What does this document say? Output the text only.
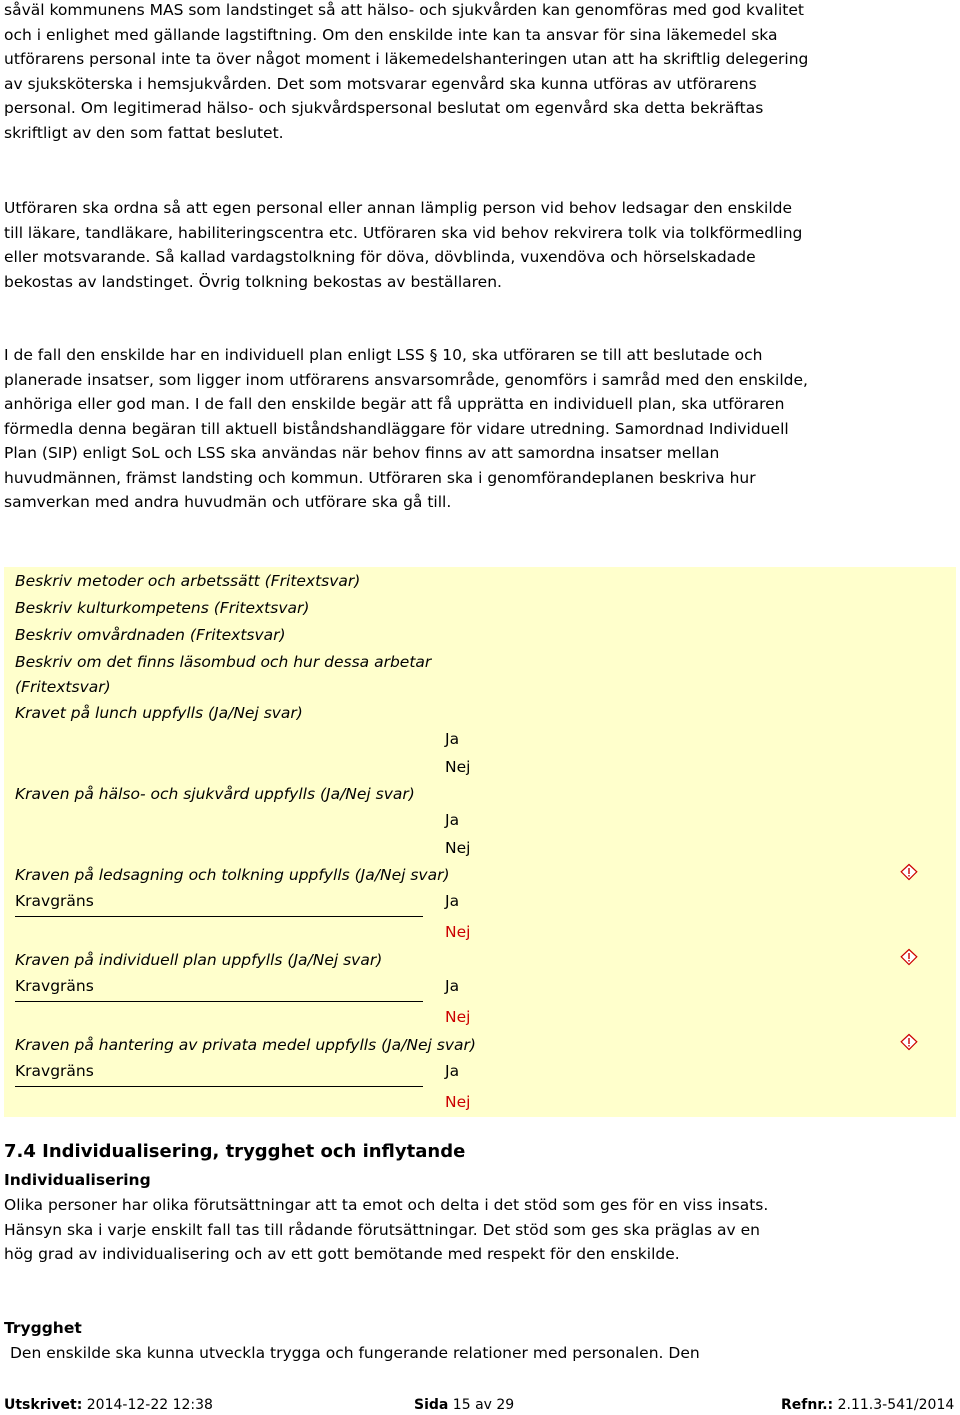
såväl kommunens MAS som landstinget så att hälso- och sjukvården kan genomföras med god kvalitet och i enlighet med gällande lagstiftning. Om den enskilde inte kan ta ansvar för sina läkemedel ska utförarens personal inte ta över något moment i läkemedelshanteringen utan att ha skriftlig delegering av sjuksköterska i hemsjukvården. Det som motsvarar egenvård ska kunna utföras av utförarens personal. Om legitimerad hälso- och sjukvårdspersonal beslutat om egenvård ska detta bekräftas skriftligt av den som fattat beslutet.

Utföraren ska ordna så att egen personal eller annan lämplig person vid behov ledsagar den enskilde till läkare, tandläkare, habiliteringscentra etc. Utföraren ska vid behov rekvirera tolk via tolkförmedling eller motsvarande. Så kallad vardagstolkning för döva, dövblinda, vuxendöva och hörselskadade bekostas av landstinget. Övrig tolkning bekostas av beställaren.

I de fall den enskilde har en individuell plan enligt LSS § 10, ska utföraren se till att beslutade och planerade insatser, som ligger inom utförarens ansvarsområde, genomförs i samråd med den enskilde, anhöriga eller god man. I de fall den enskilde begär att få upprätta en individuell plan, ska utföraren förmedla denna begäran till aktuell biståndshandläggare för vidare utredning. Samordnad Individuell Plan (SIP) enligt SoL och LSS ska användas när behov finns av att samordna insatser mellan huvudmännen, främst landsting och kommun. Utföraren ska i genomförandeplanen beskriva hur samverkan med andra huvudmän och utförare ska gå till.

Beskriv metoder och arbetssätt (Fritextsvar)
Beskriv kulturkompetens (Fritextsvar)
Beskriv omvårdnaden (Fritextsvar)
Beskriv om det finns läsombud och hur dessa arbetar (Fritextsvar)
Kravet på lunch uppfylls (Ja/Nej svar)
Ja
Nej
Kraven på hälso- och sjukvård uppfylls (Ja/Nej svar)
Ja
Nej
Kraven på ledsagning och tolkning uppfylls (Ja/Nej svar)
Kravgräns	Ja
Nej
Kraven på individuell plan uppfylls (Ja/Nej svar)
Kravgräns	Ja
Nej
Kraven på hantering av privata medel uppfylls (Ja/Nej svar)
Kravgräns	Ja
Nej
7.4 Individualisering, trygghet och inflytande
Individualisering

Olika personer har olika förutsättningar att ta emot och delta i det stöd som ges för en viss insats. Hänsyn ska i varje enskilt fall tas till rådande förutsättningar. Det stöd som ges ska präglas av en hög grad av individualisering och av ett gott bemötande med respekt för den enskilde.

Trygghet

Den enskilde ska kunna utveckla trygga och fungerande relationer med personalen. Den

Utskrivet: 2014-12-22 12:38	Sida 15 av 29	Refnr.: 2.11.3-541/2014
